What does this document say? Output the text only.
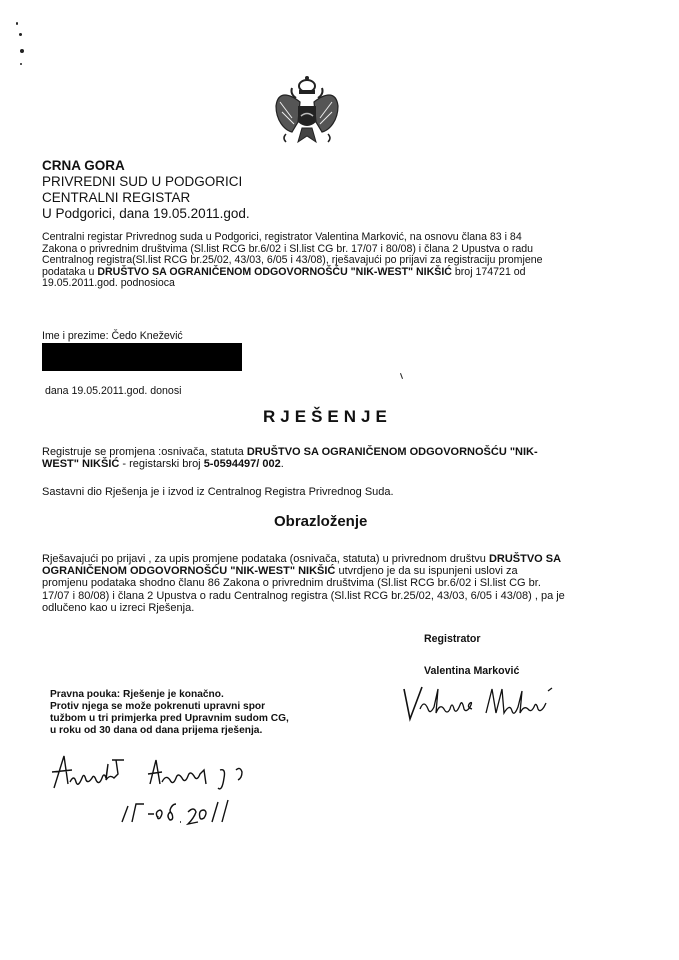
CRNA GORA
PRIVREDNI SUD U PODGORICI
CENTRALNI REGISTAR
U Podgorici, dana 19.05.2011.god.
Centralni registar Privrednog suda u Podgorici, registrator Valentina Marković, na osnovu člana 83 i 84
Zakona o privrednim društvima (Sl.list RCG br.6/02 i Sl.list CG br. 17/07 i 80/08) i člana 2 Upustva o radu
Centralnog registra(Sl.list RCG br.25/02, 43/03, 6/05 i 43/08), rješavajući po prijavi za registraciju promjene
podataka u DRUŠTVO SA OGRANIČENOM ODGOVORNOŠĆU "NIK-WEST" NIKŠIĆ broj 174721 od
19.05.2011.god. podnosioca
Ime i prezime: Čedo Knežević
dana 19.05.2011.god. donosi
RJEŠENJE
Registruje se promjena :osnivača, statuta DRUŠTVO SA OGRANIČENOM ODGOVORNOŠĆU "NIK-
WEST" NIKŠIĆ - registarski broj 5-0594497/ 002.
Sastavni dio Rješenja je i izvod iz Centralnog Registra Privrednog Suda.
Obrazloženje
Rješavajući po prijavi , za upis promjene podataka (osnivača, statuta) u privrednom društvu DRUŠTVO SA
OGRANIČENOM ODGOVORNOŠĆU "NIK-WEST" NIKŠIĆ utvrdjeno je da su ispunjeni uslovi za
promjenu podataka shodno članu 86 Zakona o privrednim društvima (Sl.list RCG br.6/02 i Sl.list CG br.
17/07 i 80/08) i člana 2 Upustva o radu Centralnog registra (Sl.list RCG br.25/02, 43/03, 6/05 i 43/08) , pa je
odlučeno kao u izreci Rješenja.
Registrator
Valentina Marković
Pravna pouka: Rješenje je konačno.
Protiv njega se može pokrenuti upravni spor
tužbom u tri primjerka pred Upravnim sudom CG,
u roku od 30 dana od dana prijema rješenja.
